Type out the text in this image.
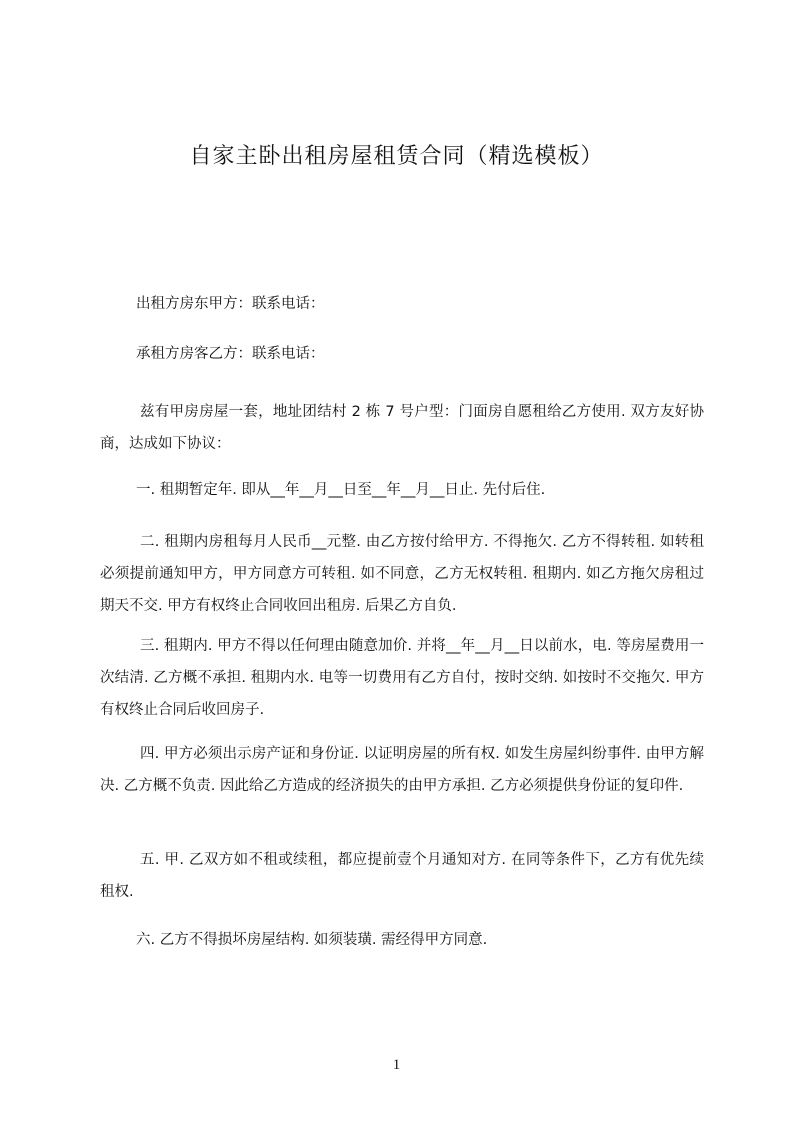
自家主卧出租房屋租赁合同（精选模板）
出租方房东甲方：联系电话：
承租方房客乙方：联系电话：
兹有甲房房屋一套，地址团结村 2 栋 7 号户型：门面房自愿租给乙方使用. 双方友好协商，达成如下协议：
一. 租期暂定年. 即从__年__月__日至__年__月__日止. 先付后住.
二. 租期内房租每月人民币__元整. 由乙方按付给甲方. 不得拖欠. 乙方不得转租. 如转租必须提前通知甲方，甲方同意方可转租. 如不同意，乙方无权转租. 租期内. 如乙方拖欠房租过期天不交. 甲方有权终止合同收回出租房. 后果乙方自负.
三. 租期内. 甲方不得以任何理由随意加价. 并将__年__月__日以前水，电. 等房屋费用一次结清. 乙方概不承担. 租期内水. 电等一切费用有乙方自付，按时交纳. 如按时不交拖欠. 甲方有权终止合同后收回房子.
四. 甲方必须出示房产证和身份证. 以证明房屋的所有权. 如发生房屋纠纷事件. 由甲方解决. 乙方概不负责. 因此给乙方造成的经济损失的由甲方承担. 乙方必须提供身份证的复印件.
五. 甲. 乙双方如不租或续租，都应提前壹个月通知对方. 在同等条件下，乙方有优先续租权.
六. 乙方不得损坏房屋结构. 如须装璜. 需经得甲方同意.
1
